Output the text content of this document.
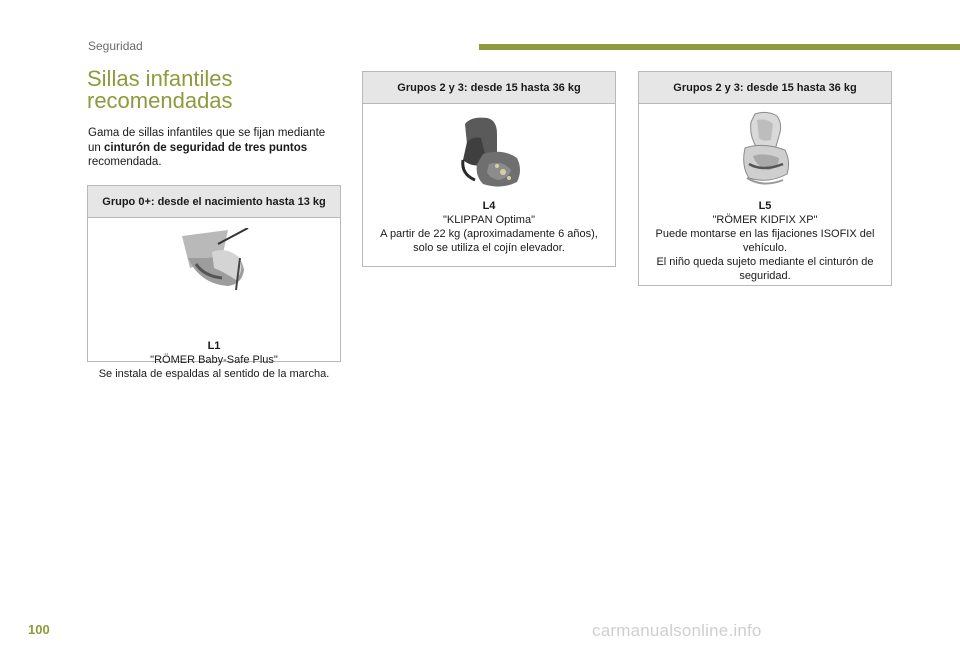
Seguridad
Sillas infantiles
recomendadas
Gama de sillas infantiles que se fijan mediante
un cinturón de seguridad de tres puntos
recomendada.
Grupo 0+: desde el nacimiento hasta 13 kg
L1
"RÖMER Baby-Safe Plus"
Se instala de espaldas al sentido de la marcha.
Grupos 2 y 3: desde 15 hasta 36 kg
L4
"KLIPPAN Optima"
A partir de 22 kg (aproximadamente 6 años),
solo se utiliza el cojín elevador.
Grupos 2 y 3: desde 15 hasta 36 kg
L5
"RÖMER KIDFIX XP"
Puede montarse en las fijaciones ISOFIX del
vehículo.
El niño queda sujeto mediante el cinturón de
seguridad.
100	carmanualsonline.info
